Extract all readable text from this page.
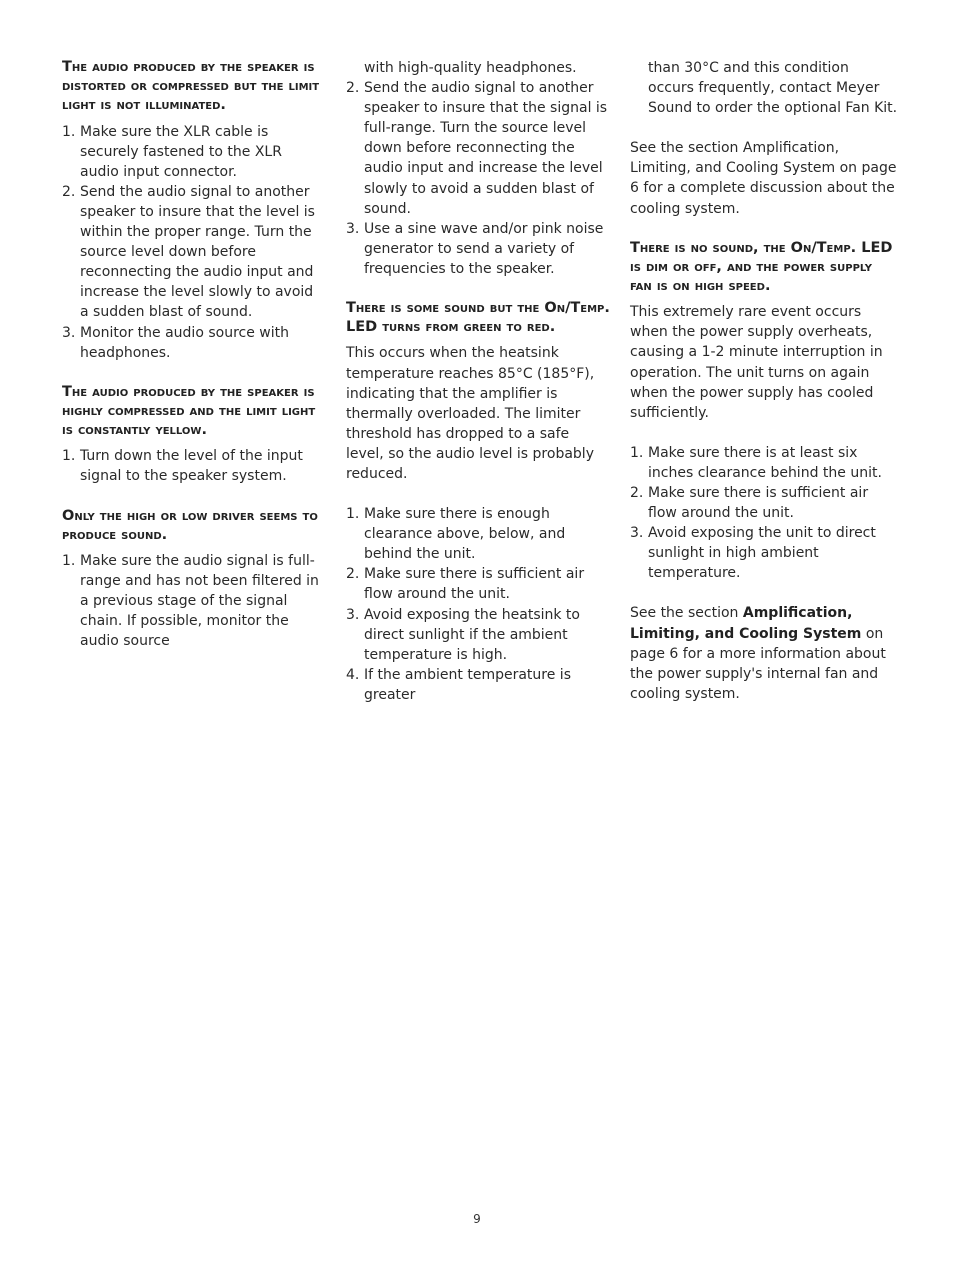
The audio produced by the speaker is distorted or compressed but the limit light is not illuminated.
1. Make sure the XLR cable is securely fastened to the XLR audio input connector.
2. Send the audio signal to another speaker to insure that the level is within the proper range. Turn the source level down before reconnecting the audio input and increase the level slowly to avoid a sudden blast of sound.
3. Monitor the audio source with headphones.
The audio produced by the speaker is highly compressed and the limit light is constantly yellow.
1. Turn down the level of the input signal to the speaker system.
Only the high or low driver seems to produce sound.
1. Make sure the audio signal is full-range and has not been filtered in a previous stage of the signal chain. If possible, monitor the audio source
with high-quality headphones.
2. Send the audio signal to another speaker to insure that the signal is full-range. Turn the source level down before reconnecting the audio input and increase the level slowly to avoid a sudden blast of sound.
3. Use a sine wave and/or pink noise generator to send a variety of frequencies to the speaker.
There is some sound but the On/Temp. LED turns from green to red.

This occurs when the heatsink temperature reaches 85°C (185°F), indicating that the amplifier is thermally overloaded. The limiter threshold has dropped to a safe level, so the audio level is probably reduced.

1. Make sure there is enough clearance above, below, and behind the unit.
2. Make sure there is sufficient air flow around the unit.
3. Avoid exposing the heatsink to direct sunlight if the ambient temperature is high.
4. If the ambient temperature is greater
than 30°C and this condition occurs frequently, contact Meyer Sound to order the optional Fan Kit.

See the section Amplification, Limiting, and Cooling System on page 6 for a complete discussion about the cooling system.

There is no sound, the On/Temp. LED is dim or off, and the power supply fan is on high speed.

This extremely rare event occurs when the power supply overheats, causing a 1-2 minute interruption in operation. The unit turns on again when the power supply has cooled sufficiently.

1. Make sure there is at least six inches clearance behind the unit.
2. Make sure there is sufficient air flow around the unit.
3. Avoid exposing the unit to direct sunlight in high ambient temperature.

See the section Amplification, Limiting, and Cooling System on page 6 for a more information about the power supply's internal fan and cooling system.

9
